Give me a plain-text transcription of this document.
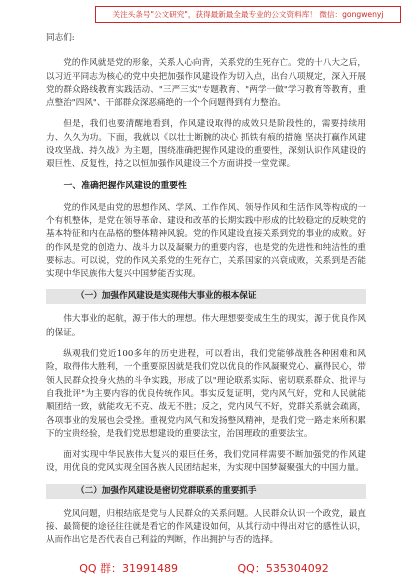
关注头条号"公文研究"，获得最新最全最专业的公文资料库！ 微信：gongwenyj

同志们:

党的作风就是党的形象，关系人心向背，关系党的生死存亡。党的十八大之后，以习近平同志为核心的党中央把加强作风建设作为切入点，出台八项规定，深入开展党的群众路线教育实践活动、"三严三实"专题教育、"两学一做"学习教育等教育，重点整治"四风"、干部群众深恶痛绝的一个个问题得到有力整治。

但是，我们也要清醒地看到，作风建设取得的成效只是阶段性的，需要持续用力、久久为功。下面，我就以《以壮士断腕的决心 抓铁有痕的措施 坚决打赢作风建设攻坚战、持久战》为主题，围绕准确把握作风建设的重要性，深刻认识作风建设的艰巨性、反复性，持之以恒加强作风建设三个方面讲授一堂党课。

一、准确把握作风建设的重要性

党的作风是由党的思想作风、学风、工作作风、领导作风和生活作风等构成的一个有机整体，是党在领导革命、建设和改革的长期实践中形成的比较稳定的反映党的基本特征和内在品格的整体精神风貌。党的作风建设直接关系到党的事业的成败。好的作风是党的创造力、战斗力以及凝聚力的重要内容，也是党的先进性和纯洁性的重要标志。可以说，党的作风关系党的生死存亡，关系国家的兴衰成败，关系到是否能实现中华民族伟大复兴中国梦能否实现。

（一）加强作风建设是实现伟大事业的根本保证

伟大事业的起航，源于伟大的理想。伟大理想要变成生生的现实，源于优良作风的保证。

纵观我们党近100多年的历史进程，可以看出，我们党能够战胜各种困难和风险，取得伟大胜利，一个重要原因就是我们党以优良的作风凝聚党心、赢得民心，带领人民群众投身火热的斗争实践，形成了以"理论联系实际、密切联系群众、批评与自我批评"为主要内容的优良传统作风。事实反复证明，党内风气好，党和人民就能顺团结一致，就能攻无不克、战无不胜；反之，党内风气不好，党群关系就会疏离，各项事业的发展也会受挫。重视党内风气和发扬整风精神，是我们党一路走来所积累下的宝贵经验，是我们党思想建设的重要法宝，治国理政的重要法宝。

面对实现中华民族伟大复兴的艰巨任务，我们党同样需要不断加强党的作风建设，用优良的党风实现全国各族人民团结起来，为实现中国梦凝聚强大的中国力量。

（二）加强作风建设是密切党群联系的重要抓手

党风问题，归根结底是党与人民群众的关系问题。人民群众认识一个政党，最直接、最简便的途径往往就是看它的作风建设如何，从其行动中得出对它的感性认识，从而作出它是否代表自己利益的判断，作出拥护与否的选择。

QQ 群：31991489	QQ：535304092
